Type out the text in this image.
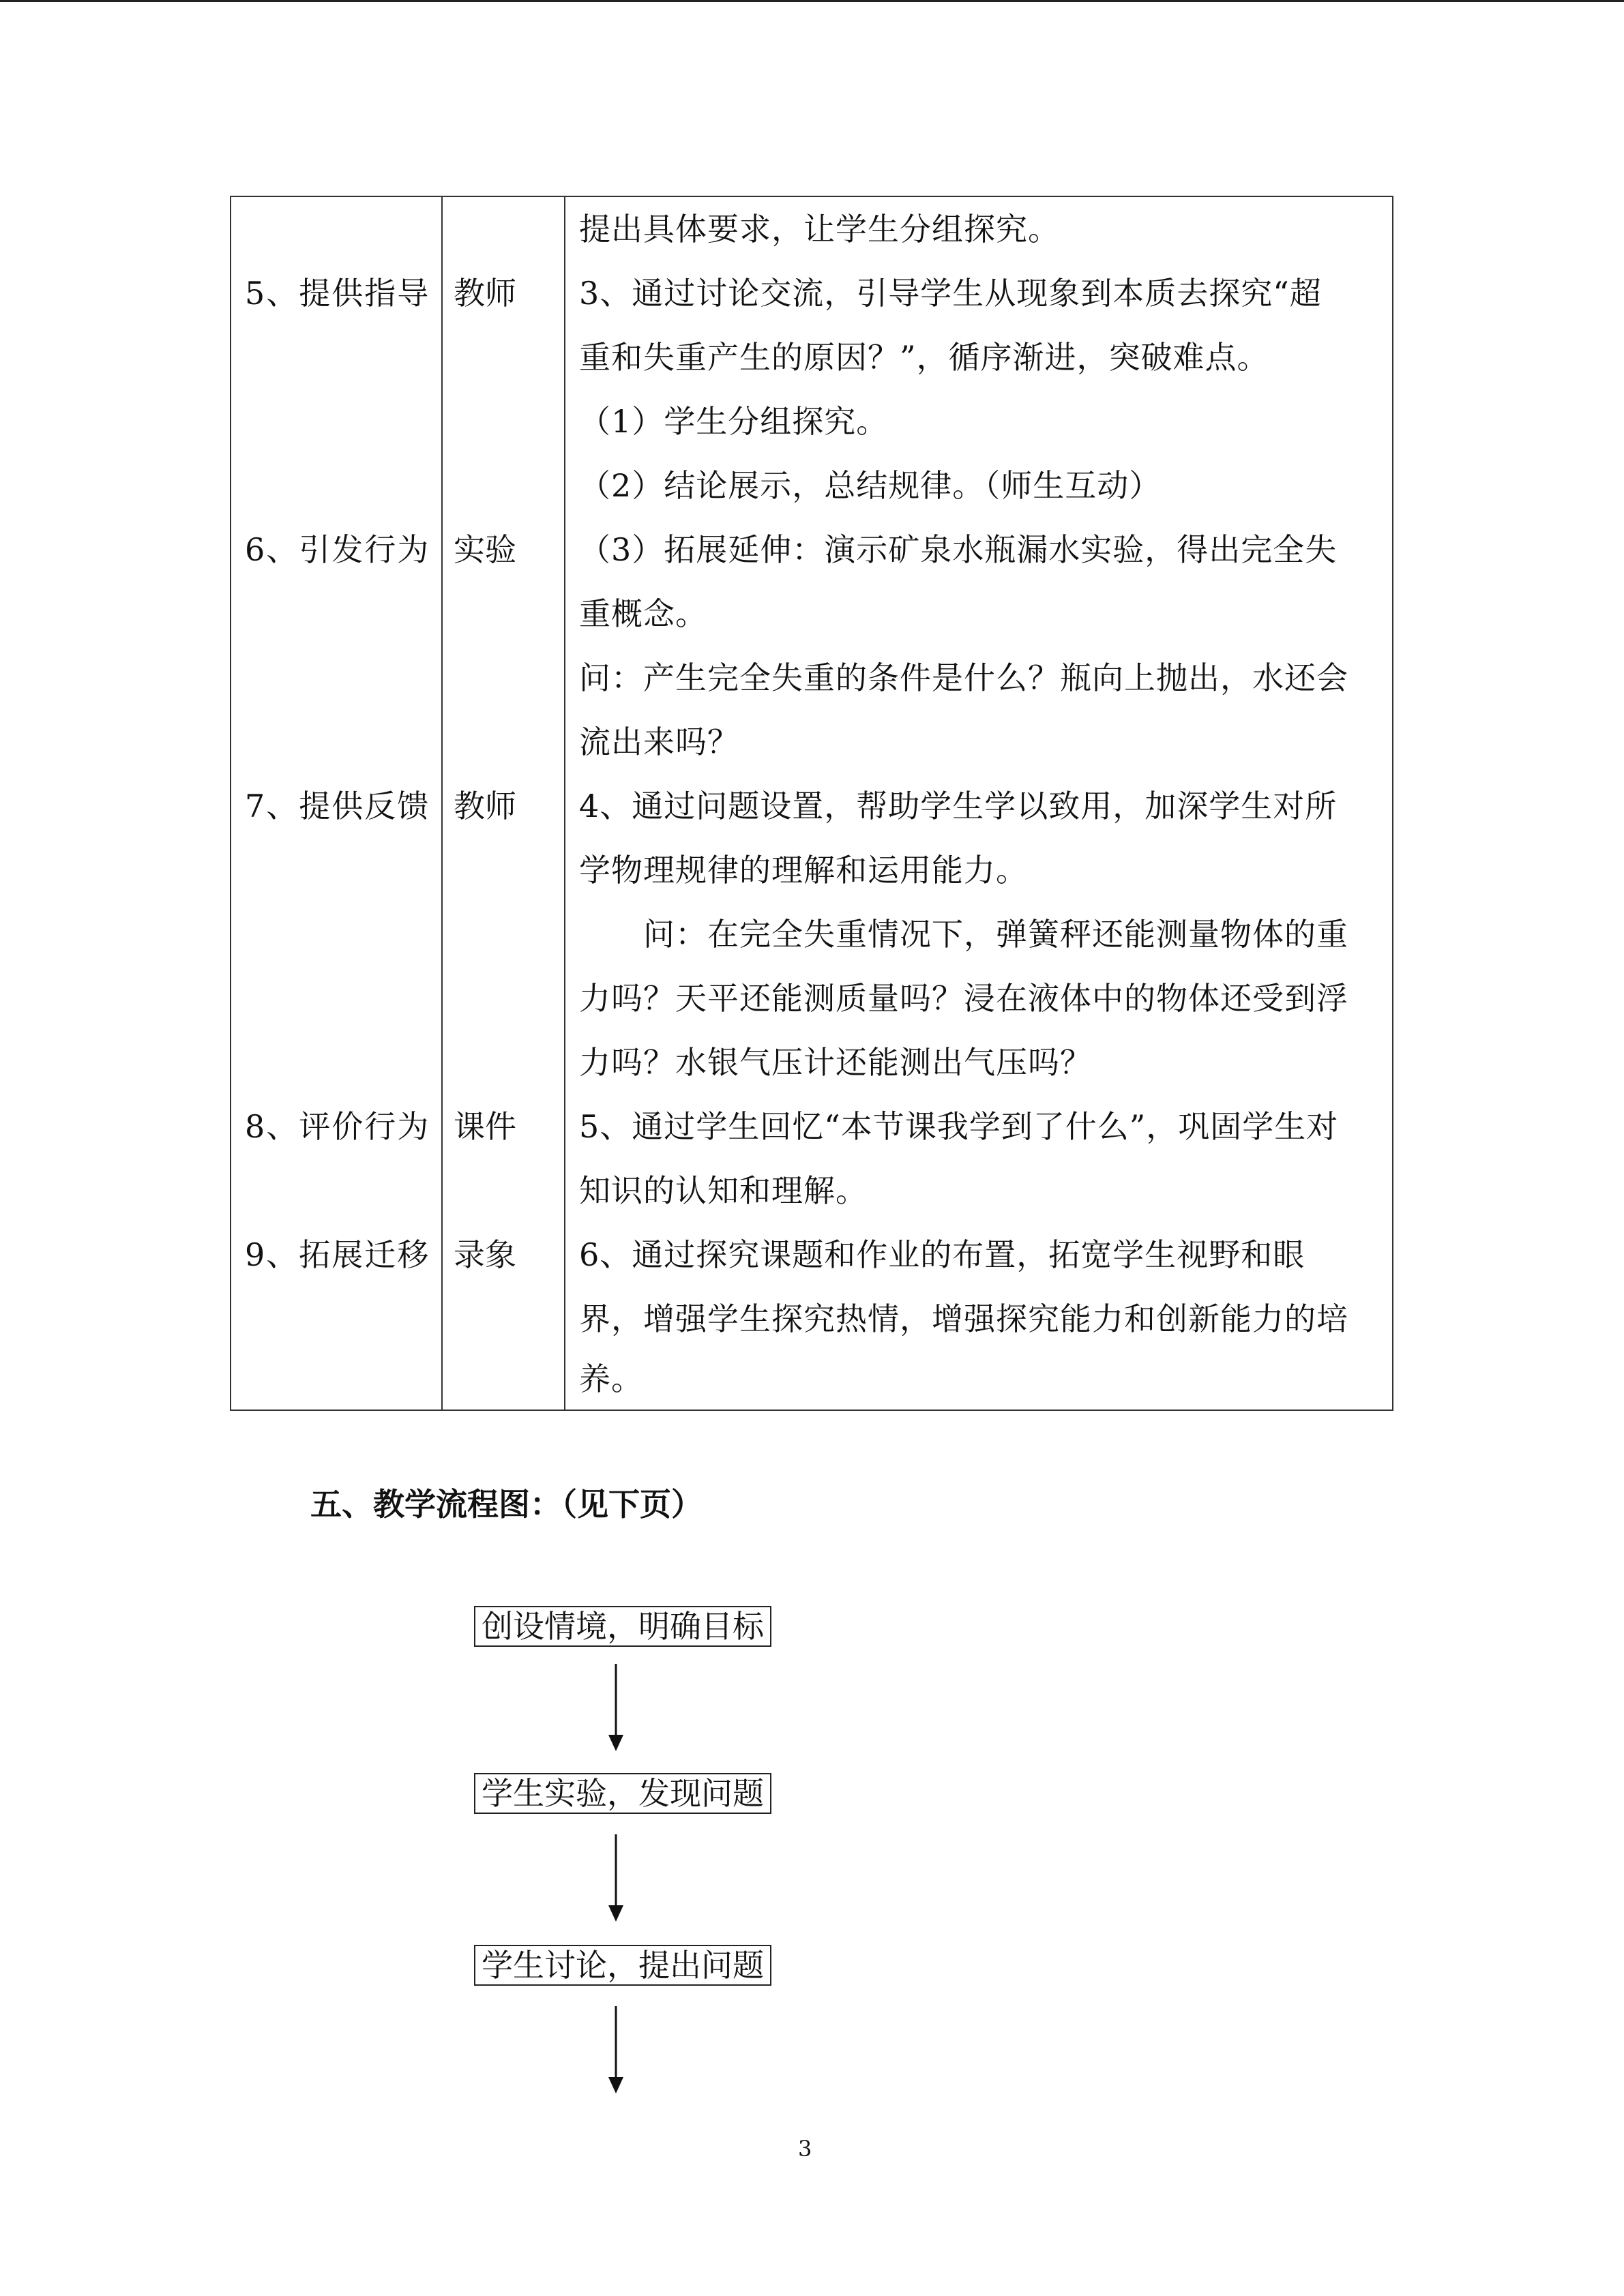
提出具体要求，让学生分组探究。
5、提供指导 教师	3、通过讨论交流，引导学生从现象到本质去探究“超
重和失重产生的原因？”，循序渐进，突破难点。
（1）学生分组探究。
（2）结论展示，总结规律。（师生互动）
6、引发行为 实验	（3）拓展延伸：演示矿泉水瓶漏水实验，得出完全失
重概念。
问：产生完全失重的条件是什么？瓶向上抛出，水还会
流出来吗？
7、提供反馈 教师	4、通过问题设置，帮助学生学以致用，加深学生对所
学物理规律的理解和运用能力。
　　问：在完全失重情况下，弹簧秤还能测量物体的重
力吗？天平还能测质量吗？浸在液体中的物体还受到浮
力吗？水银气压计还能测出气压吗？
8、评价行为 课件	5、通过学生回忆“本节课我学到了什么”，巩固学生对
知识的认知和理解。
9、拓展迁移 录象	6、通过探究课题和作业的布置，拓宽学生视野和眼
界，增强学生探究热情，增强探究能力和创新能力的培
养。
五、教学流程图：（见下页）
创设情境，明确目标
学生实验，发现问题
学生讨论，提出问题
3
